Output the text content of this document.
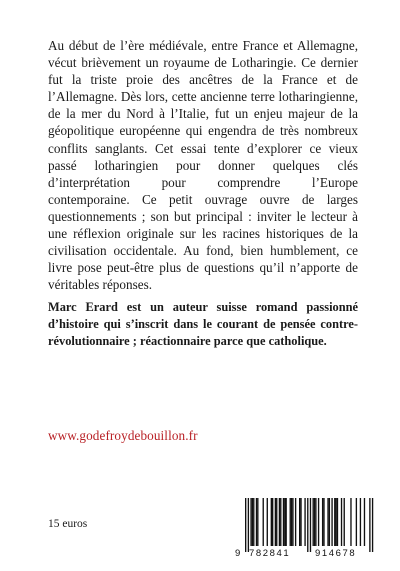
Au début de l’ère médiévale, entre France et Allemagne, vécut brièvement un royaume de Lotharingie. Ce dernier fut la triste proie des ancêtres de la France et de l’Allemagne. Dès lors, cette ancienne terre lotharingienne, de la mer du Nord à l’Italie, fut un enjeu majeur de la géopolitique européenne qui engendra de très nombreux conflits sanglants. Cet essai tente d’explorer ce vieux passé lotharingien pour donner quelques clés d’interprétation pour comprendre l’Europe contemporaine. Ce petit ouvrage ouvre de larges questionnements ; son but principal : inviter le lecteur à une réflexion originale sur les racines historiques de la civilisation occidentale. Au fond, bien humblement, ce livre pose peut-être plus de questions qu’il n’apporte de véritables réponses.

Marc Erard est un auteur suisse romand passionné d’histoire qui s’inscrit dans le courant de pensée contre-révolutionnaire ; réactionnaire parce que catholique.

www.godefroydebouillon.fr

15 euros

9 782841	914678
